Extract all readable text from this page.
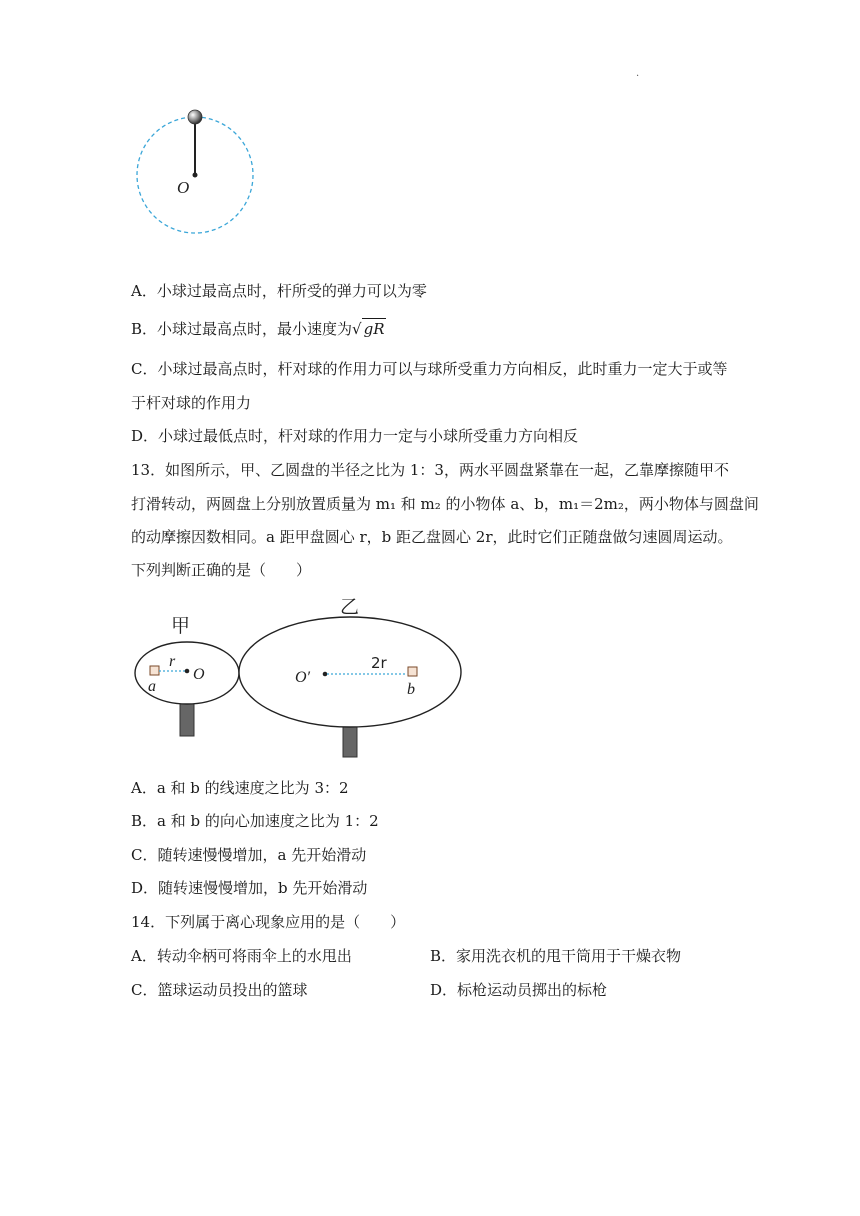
.
O
A．小球过最高点时，杆所受的弹力可以为零
B．小球过最高点时，最小速度为√ gR
C．小球过最高点时，杆对球的作用力可以与球所受重力方向相反，此时重力一定大于或等
于杆对球的作用力
D．小球过最低点时，杆对球的作用力一定与小球所受重力方向相反
13．如图所示，甲、乙圆盘的半径之比为 1：3，两水平圆盘紧靠在一起，乙靠摩擦随甲不
打滑转动，两圆盘上分别放置质量为 m₁ 和 m₂ 的小物体 a、b，m₁＝2m₂，两小物体与圆盘间
的动摩擦因数相同。a 距甲盘圆心 r，b 距乙盘圆心 2r，此时它们正随盘做匀速圆周运动。
下列判断正确的是（　　）
甲
乙
r
O
a
O′
2r
b
A．a 和 b 的线速度之比为 3：2
B．a 和 b 的向心加速度之比为 1：2
C．随转速慢慢增加，a 先开始滑动
D．随转速慢慢增加，b 先开始滑动
14．下列属于离心现象应用的是（　　）
A．转动伞柄可将雨伞上的水甩出	B．家用洗衣机的甩干筒用于干燥衣物
C．篮球运动员投出的篮球	D．标枪运动员掷出的标枪
